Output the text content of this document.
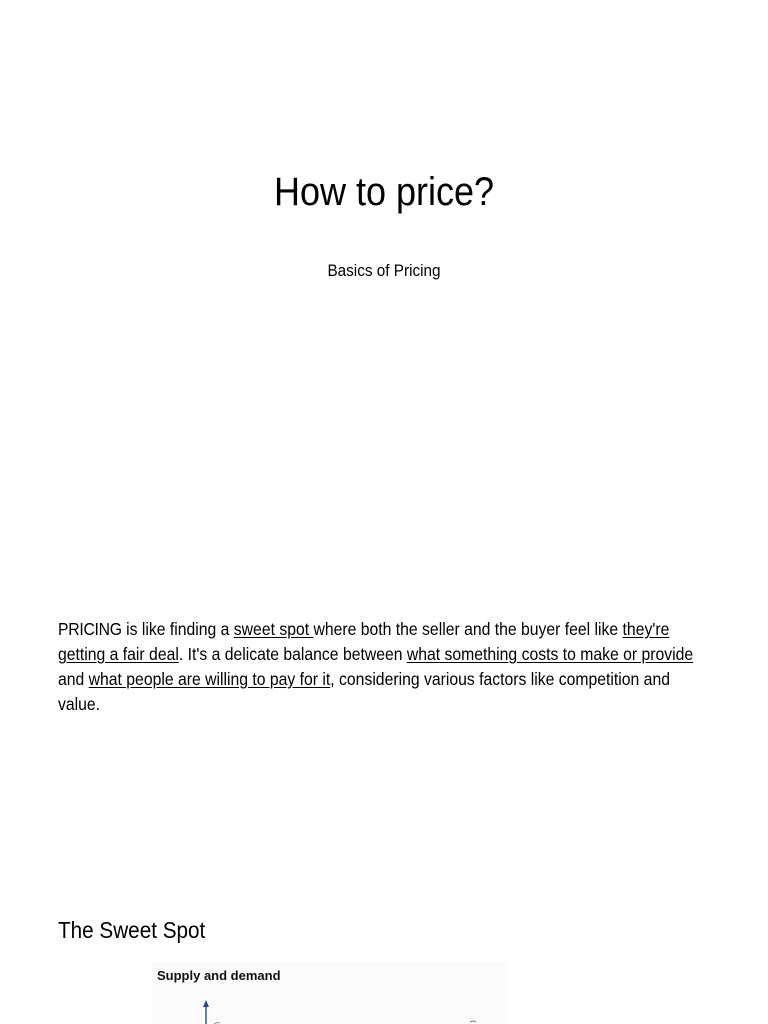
How to price?
Basics of Pricing

PRICING is like finding a sweet spot where both the seller and the buyer feel like they're getting a fair deal. It's a delicate balance between what something costs to make or provide and what people are willing to pay for it, considering various factors like competition and value.

The Sweet Spot
Supply and demand
